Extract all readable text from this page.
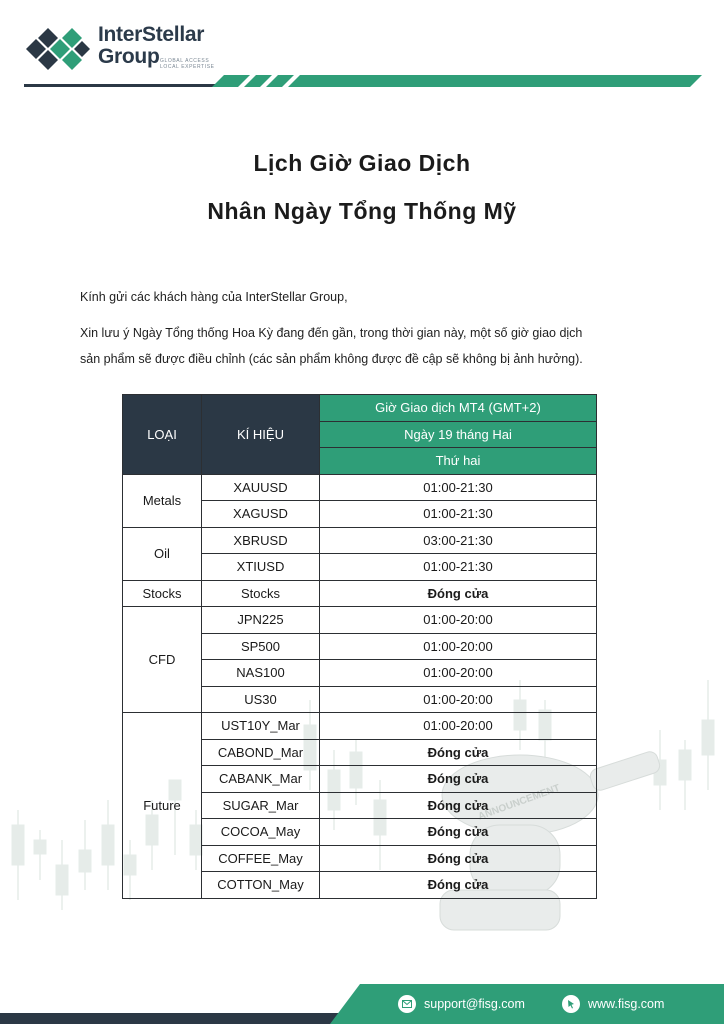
InterStellar
Group GLOBAL ACCESS
LOCAL EXPERTISE
Lịch Giờ Giao Dịch
Nhân Ngày Tổng Thống Mỹ
Kính gửi các khách hàng của InterStellar Group,
Xin lưu ý Ngày Tổng thống Hoa Kỳ đang đến gần, trong thời gian này, một số giờ giao dịch
sản phẩm sẽ được điều chỉnh (các sản phẩm không được đề cập sẽ không bị ảnh hưởng).
ANNOUNCEMENT
LOẠI	KÍ HIỆU	Giờ Giao dịch MT4 (GMT+2)
		Ngày 19 tháng Hai
		Thứ hai
Metals	XAUUSD	01:00-21:30
	XAGUSD	01:00-21:30
Oil	XBRUSD	03:00-21:30
	XTIUSD	01:00-21:30
Stocks	Stocks	Đóng cửa
CFD	JPN225	01:00-20:00
	SP500	01:00-20:00
	NAS100	01:00-20:00
	US30	01:00-20:00
Future	UST10Y_Mar	01:00-20:00
	CABOND_Mar	Đóng cửa
	CABANK_Mar	Đóng cửa
	SUGAR_Mar	Đóng cửa
	COCOA_May	Đóng cửa
	COFFEE_May	Đóng cửa
	COTTON_May	Đóng cửa
support@fisg.com	www.fisg.com
